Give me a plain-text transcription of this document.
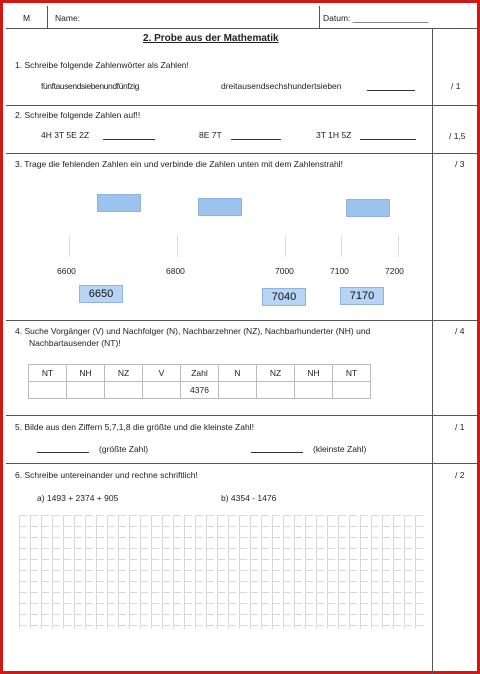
M	Name:	Datum: ________________
2. Probe aus der Mathematik
1. Schreibe folgende Zahlenwörter als Zahlen!
fünftausendsiebenundfünfzig	dreitausendsechshundertsieben	/ 1
2. Schreibe folgende Zahlen auf!!
4H 3T 5E 2Z	8E 7T	3T 1H 5Z	/ 1,5
3. Trage die fehlenden Zahlen ein und verbinde die Zahlen unten mit dem Zahlenstrahl!	/ 3
6600	6800	7000	7100	7200
6650	7040	7170
4. Suche Vorgänger (V) und Nachfolger (N), Nachbarzehner (NZ), Nachbarhunderter (NH) und
Nachbartausender (NT)!
/ 4
NT	NH	NZ	V	Zahl	N	NZ	NH	NT
				4376				
5. Bilde aus den Ziffern 5,7,1,8 die größte und die kleinste Zahl!	/ 1
(größte Zahl)	(kleinste Zahl)
6. Schreibe untereinander und rechne schriftlich!	/ 2
a) 1493 + 2374 + 905	b) 4354 - 1476
